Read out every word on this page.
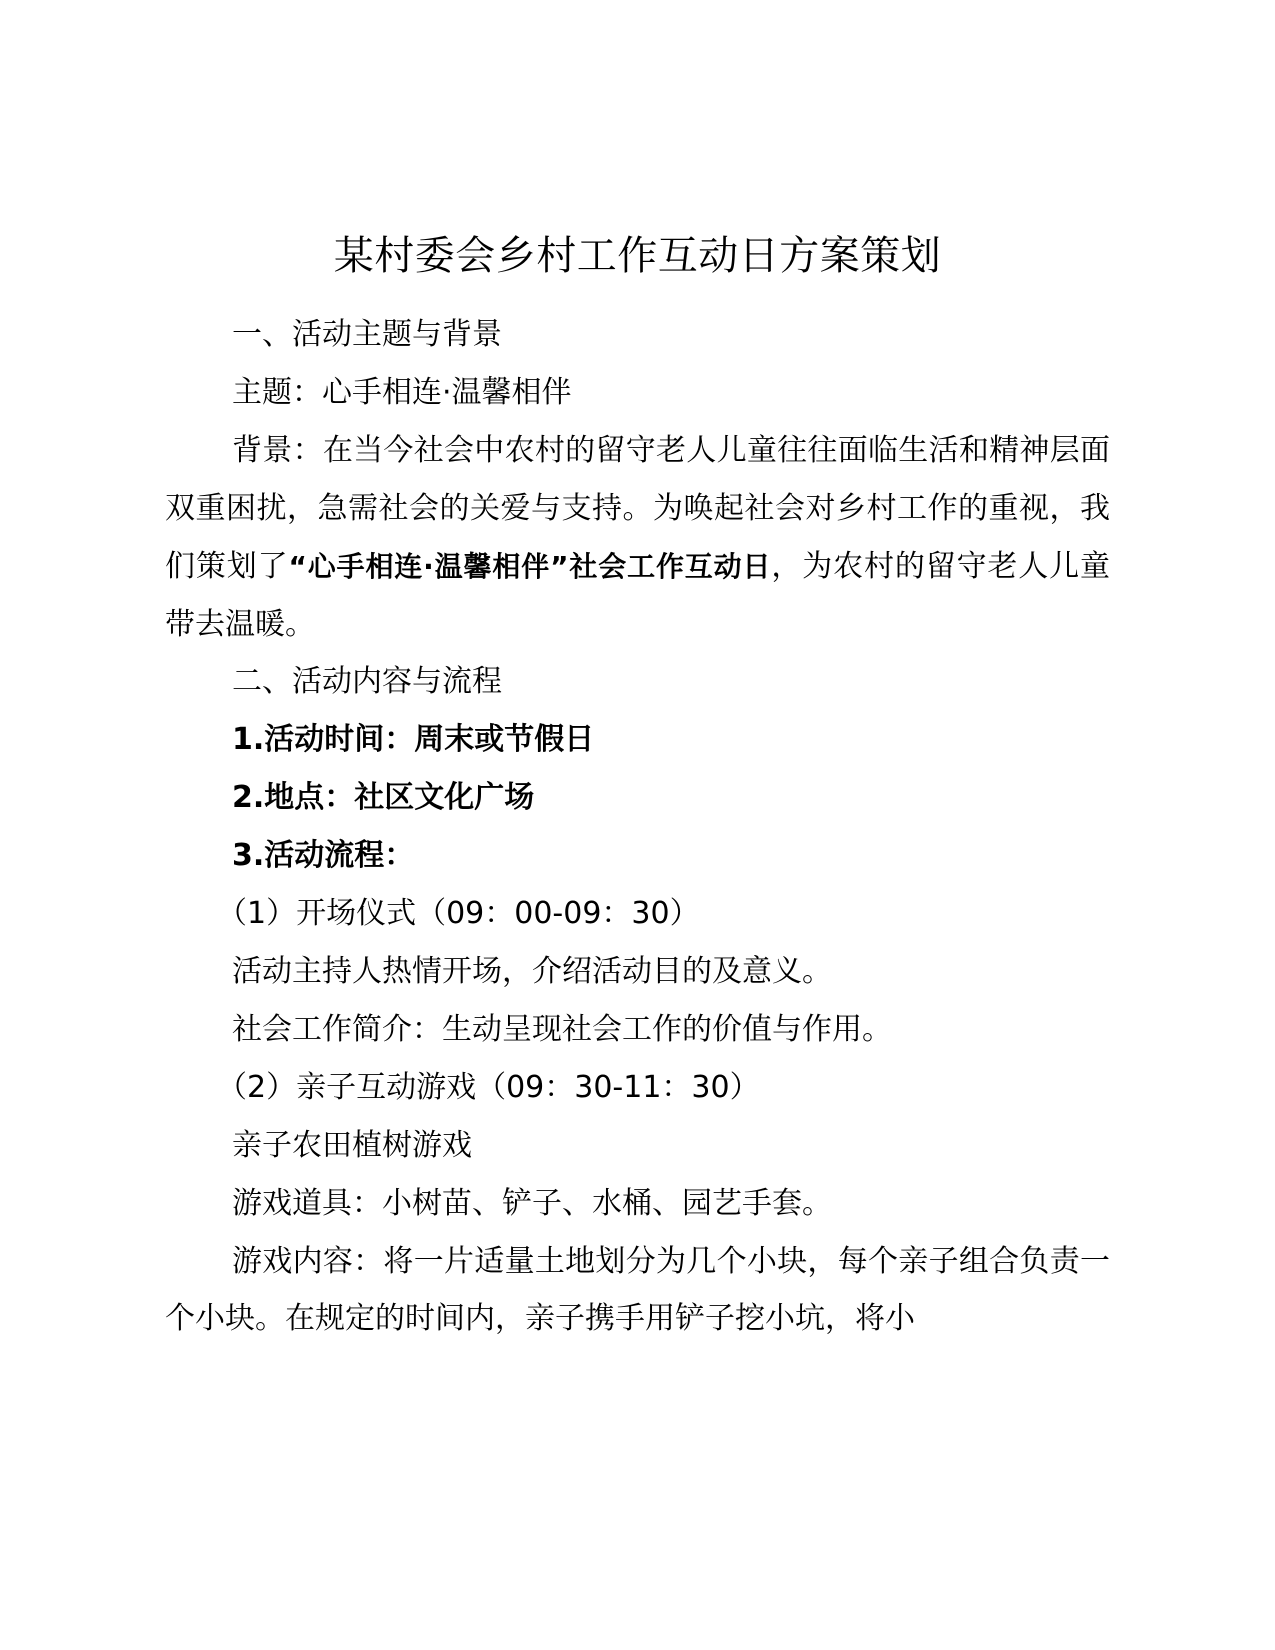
某村委会乡村工作互动日方案策划

一、活动主题与背景

主题：心手相连·温馨相伴

背景：在当今社会中农村的留守老人儿童往往面临生活和精神层面双重困扰，急需社会的关爱与支持。为唤起社会对乡村工作的重视，我们策划了“心手相连·温馨相伴”社会工作互动日，为农村的留守老人儿童带去温暖。

二、活动内容与流程

1.活动时间：周末或节假日

2.地点：社区文化广场

3.活动流程：

（1）开场仪式（09：00-09：30）

活动主持人热情开场，介绍活动目的及意义。

社会工作简介：生动呈现社会工作的价值与作用。

（2）亲子互动游戏（09：30-11：30）

亲子农田植树游戏

游戏道具：小树苗、铲子、水桶、园艺手套。

游戏内容：将一片适量土地划分为几个小块，每个亲子组合负责一个小块。在规定的时间内，亲子携手用铲子挖小坑，将小
